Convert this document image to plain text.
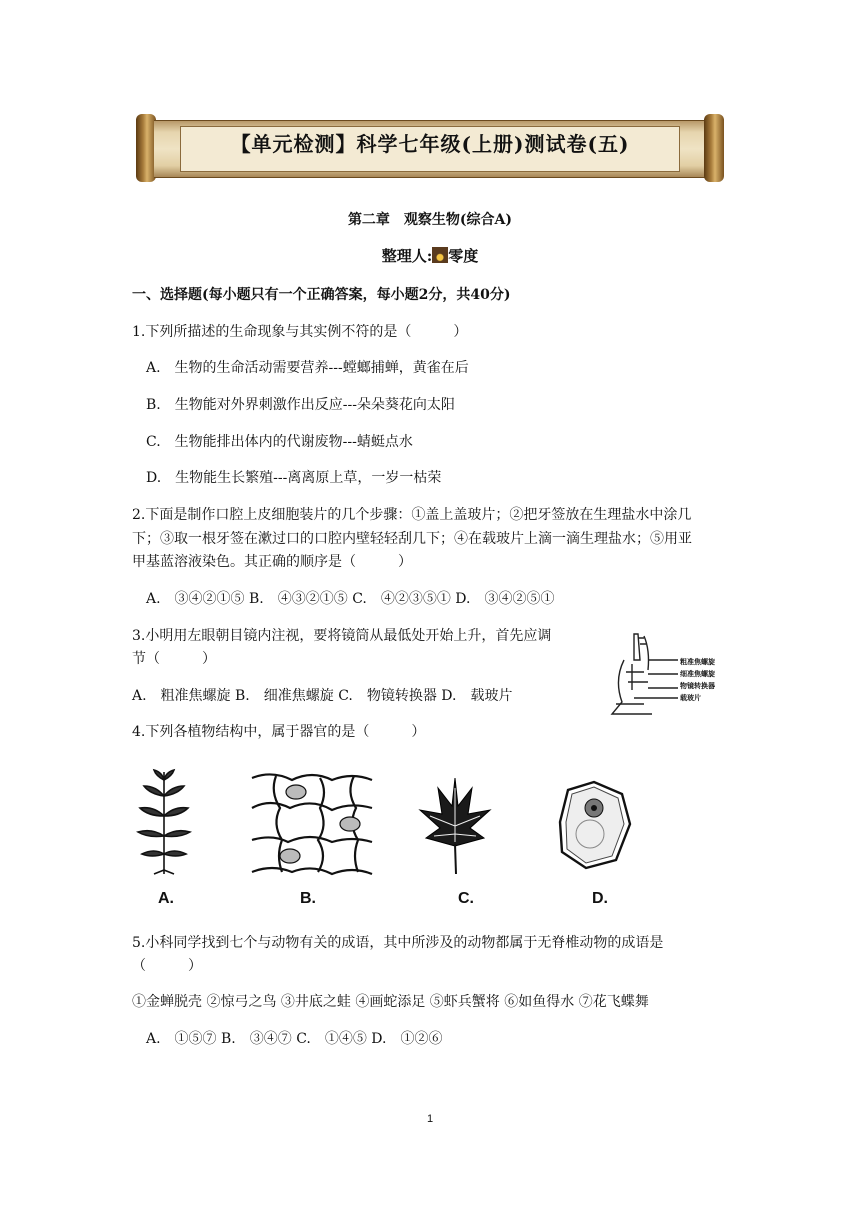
【单元检测】科学七年级(上册)测试卷(五)
第二章　观察生物(综合A)
整理人: 零度
一、选择题(每小题只有一个正确答案，每小题2分，共40分)
1.下列所描述的生命现象与其实例不符的是（　　　）
A.　生物的生命活动需要营养---螳螂捕蝉，黄雀在后
B.　生物能对外界刺激作出反应---朵朵葵花向太阳
C.　生物能排出体内的代谢废物---蜻蜓点水
D.　生物能生长繁殖---离离原上草，一岁一枯荣
2.下面是制作口腔上皮细胞装片的几个步骤：①盖上盖玻片；②把牙签放在生理盐水中涂几
下；③取一根牙签在漱过口的口腔内壁轻轻刮几下；④在载玻片上滴一滴生理盐水；⑤用亚
甲基蓝溶液染色。其正确的顺序是（　　　）
A.　③④②①⑤ B.　④③②①⑤ C.　④②③⑤① D.　③④②⑤①
3.小明用左眼朝目镜内注视，要将镜筒从最低处开始上升，首先应调
节（　　　）
A.　粗准焦螺旋 B.　细准焦螺旋 C.　物镜转换器 D.　载玻片
粗准焦螺旋
细准焦螺旋
物镜转换器
载玻片
4.下列各植物结构中，属于器官的是（　　　）
A.	B.	C.	D.
5.小科同学找到七个与动物有关的成语，其中所涉及的动物都属于无脊椎动物的成语是
（　　　）
①金蝉脱壳 ②惊弓之鸟 ③井底之蛙 ④画蛇添足 ⑤虾兵蟹将 ⑥如鱼得水 ⑦花飞蝶舞
A.　①⑤⑦ B.　③④⑦ C.　①④⑤ D.　①②⑥
1
